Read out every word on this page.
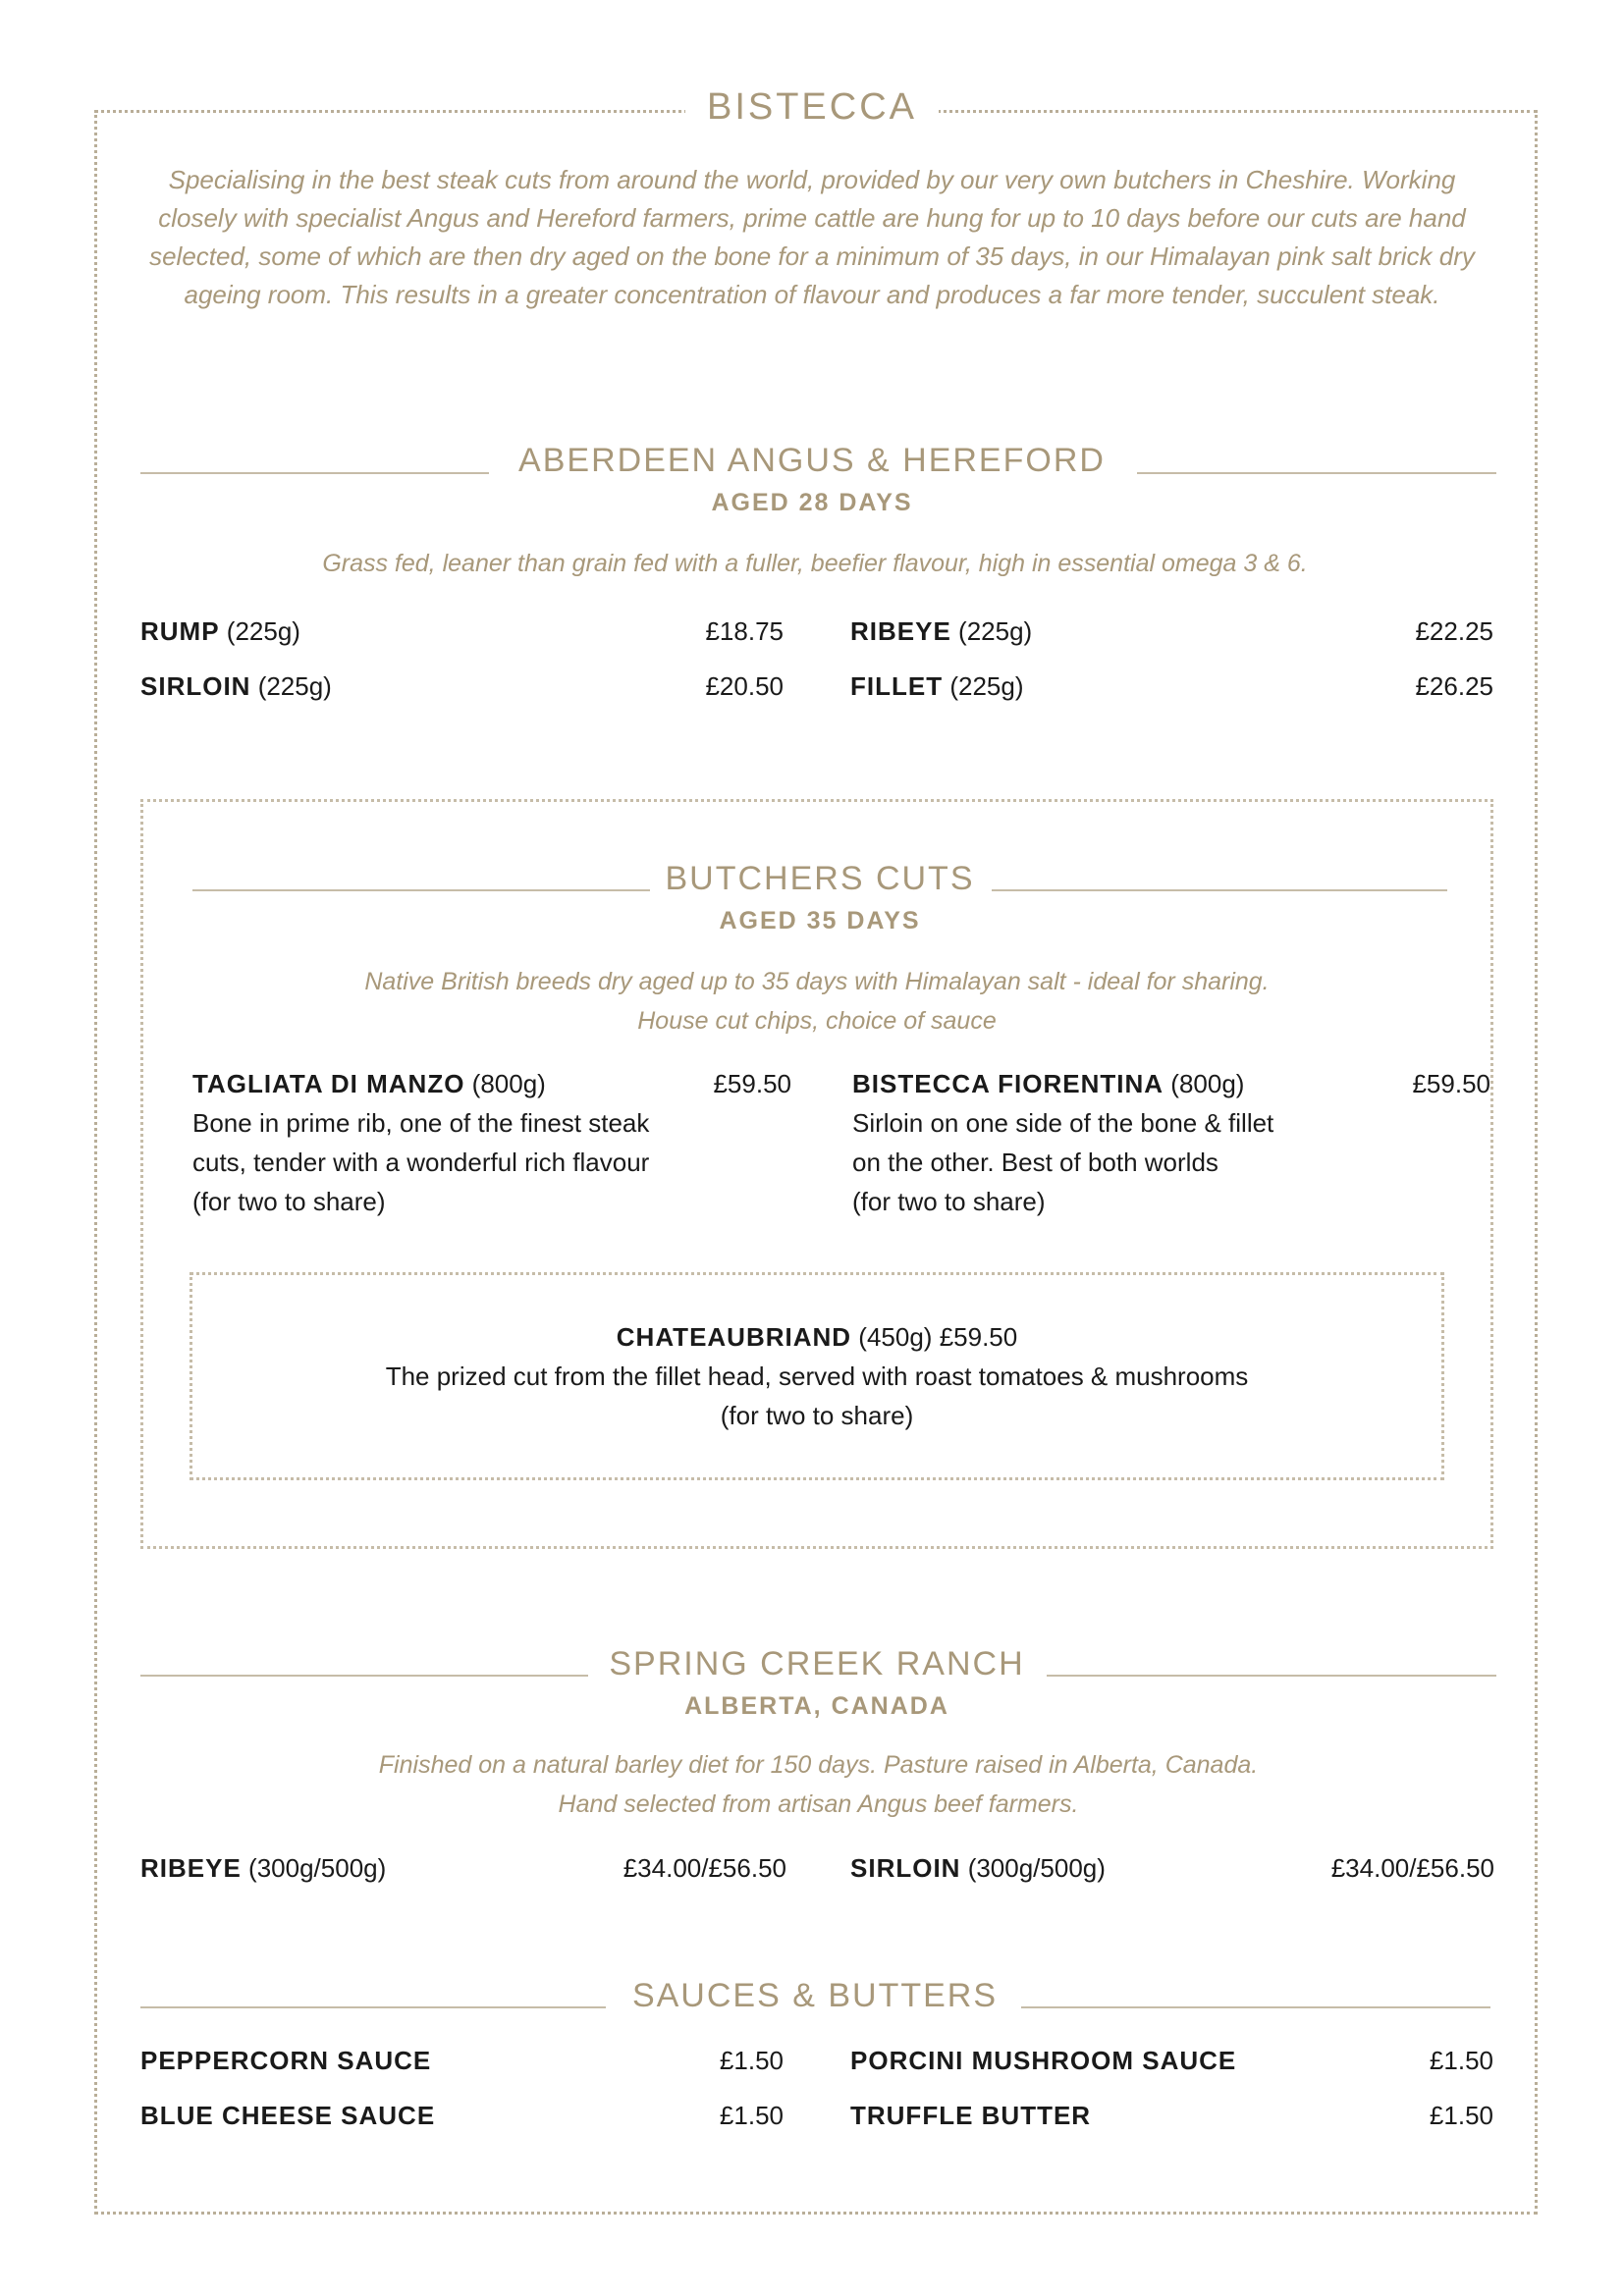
BISTECCA
Specialising in the best steak cuts from around the world, provided by our very own butchers in Cheshire. Working closely with specialist Angus and Hereford farmers, prime cattle are hung for up to 10 days before our cuts are hand selected, some of which are then dry aged on the bone for a minimum of 35 days, in our Himalayan pink salt brick dry ageing room. This results in a greater concentration of flavour and produces a far more tender, succulent steak.
ABERDEEN ANGUS & HEREFORD
AGED 28 DAYS
Grass fed, leaner than grain fed with a fuller, beefier flavour, high in essential omega 3 & 6.
RUMP (225g)	£18.75	RIBEYE (225g)	£22.25
SIRLOIN (225g)	£20.50	FILLET (225g)	£26.25
BUTCHERS CUTS
AGED 35 DAYS
Native British breeds dry aged up to 35 days with Himalayan salt - ideal for sharing.
House cut chips, choice of sauce
TAGLIATA DI MANZO (800g)	£59.50
Bone in prime rib, one of the finest steak
cuts, tender with a wonderful rich flavour
(for two to share)
BISTECCA FIORENTINA (800g)	£59.50
Sirloin on one side of the bone & fillet
on the other. Best of both worlds
(for two to share)
CHATEAUBRIAND (450g) £59.50
The prized cut from the fillet head, served with roast tomatoes & mushrooms
(for two to share)
SPRING CREEK RANCH
ALBERTA, CANADA
Finished on a natural barley diet for 150 days. Pasture raised in Alberta, Canada.
Hand selected from artisan Angus beef farmers.
RIBEYE (300g/500g)	£34.00/£56.50	SIRLOIN (300g/500g)	£34.00/£56.50
SAUCES & BUTTERS
PEPPERCORN SAUCE	£1.50	PORCINI MUSHROOM SAUCE	£1.50
BLUE CHEESE SAUCE	£1.50	TRUFFLE BUTTER	£1.50
